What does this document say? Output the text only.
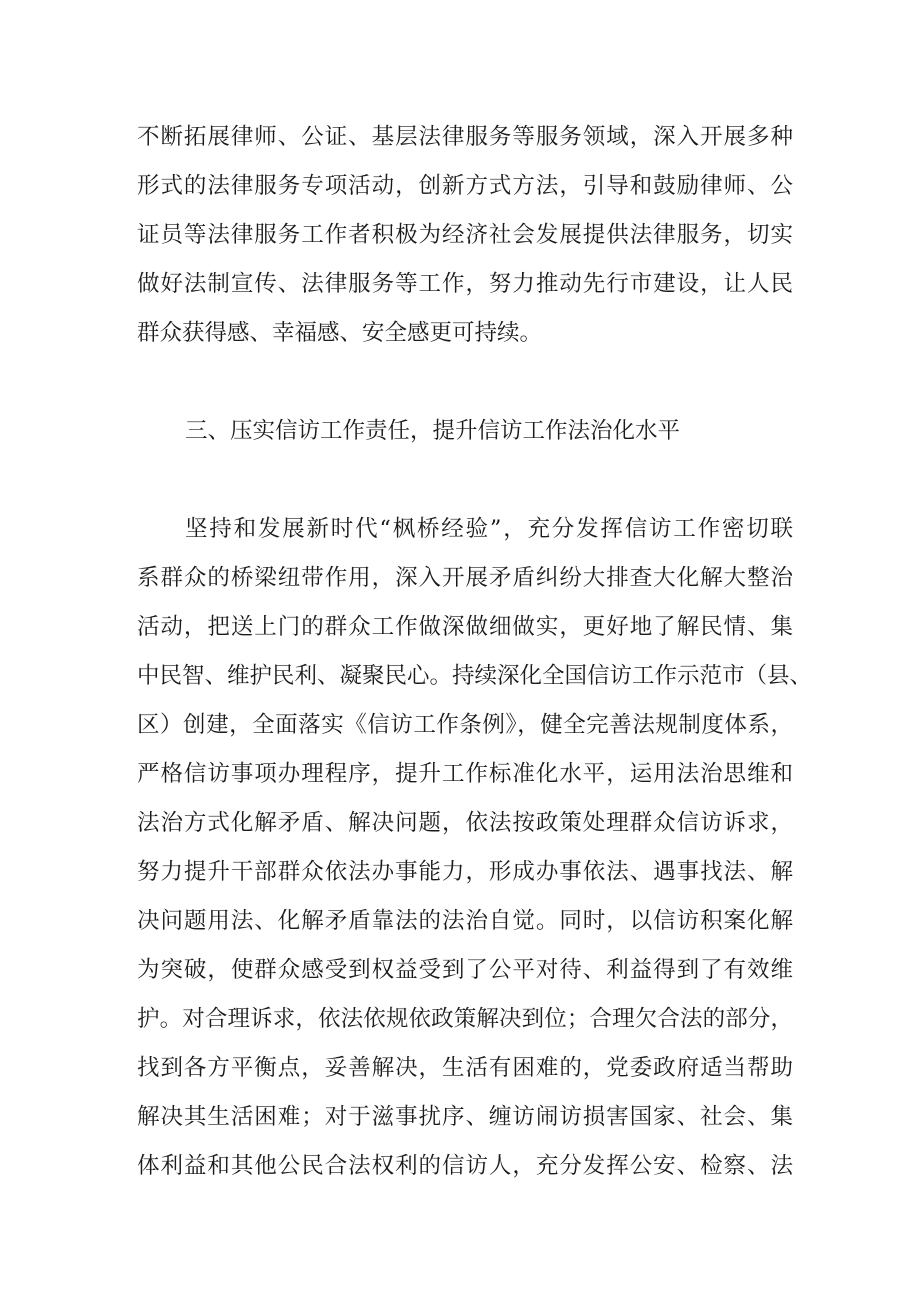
不断拓展律师、公证、基层法律服务等服务领域，深入开展多种
形式的法律服务专项活动，创新方式方法，引导和鼓励律师、公
证员等法律服务工作者积极为经济社会发展提供法律服务，切实
做好法制宣传、法律服务等工作，努力推动先行市建设，让人民
群众获得感、幸福感、安全感更可持续。
三、压实信访工作责任，提升信访工作法治化水平
坚持和发展新时代“枫桥经验”，充分发挥信访工作密切联
系群众的桥梁纽带作用，深入开展矛盾纠纷大排查大化解大整治
活动，把送上门的群众工作做深做细做实，更好地了解民情、集
中民智、维护民利、凝聚民心。持续深化全国信访工作示范市（县、
区）创建，全面落实《信访工作条例》，健全完善法规制度体系，
严格信访事项办理程序，提升工作标准化水平，运用法治思维和
法治方式化解矛盾、解决问题，依法按政策处理群众信访诉求，
努力提升干部群众依法办事能力，形成办事依法、遇事找法、解
决问题用法、化解矛盾靠法的法治自觉。同时，以信访积案化解
为突破，使群众感受到权益受到了公平对待、利益得到了有效维
护。对合理诉求，依法依规依政策解决到位；合理欠合法的部分，
找到各方平衡点，妥善解决，生活有困难的，党委政府适当帮助
解决其生活困难；对于滋事扰序、缠访闹访损害国家、社会、集
体利益和其他公民合法权利的信访人，充分发挥公安、检察、法
